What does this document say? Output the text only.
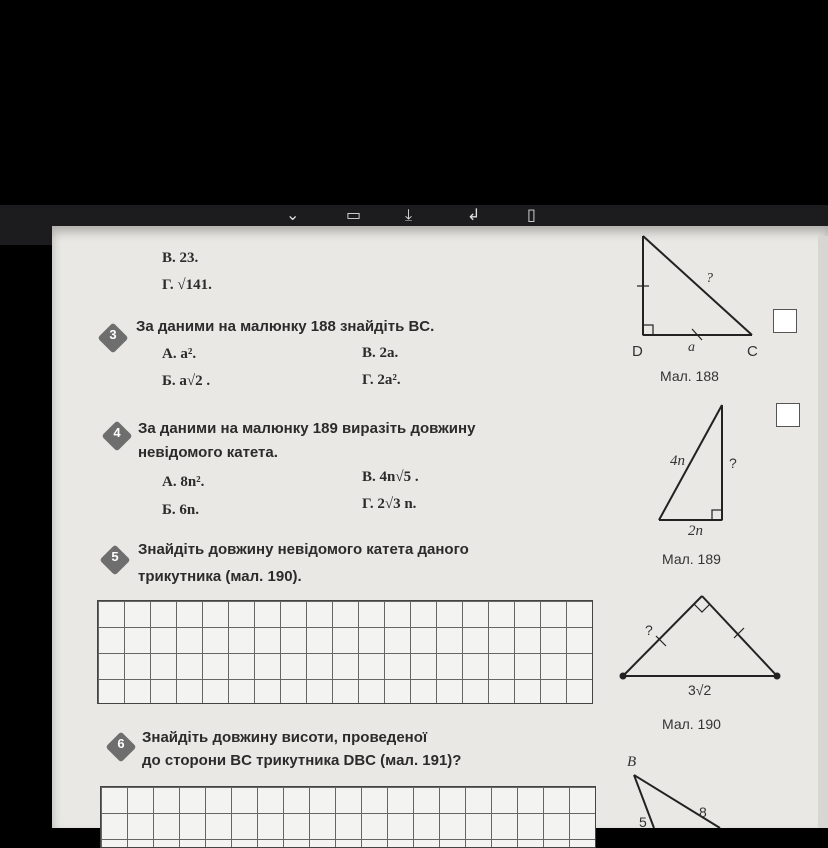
⌄	▭	⤓	↲	▯
В. 23.
Г. √141.
3	За даними на малюнку 188 знайдіть BC.
А. a².	В. 2a.
Б. a√2 .	Г. 2a².
4	За даними на малюнку 189 виразіть довжину
невідомого катета.
А. 8n².	В. 4n√5 .
Б. 6n.	Г. 2√3 n.
5	Знайдіть довжину невідомого катета даного
трикутника (мал. 190).
6	Знайдіть довжину висоти, проведеної
до сторони BC трикутника DBC (мал. 191)?
?
D	a	C
Мал. 188
4n	?
2n
Мал. 189
?
3√2
Мал. 190
B
8
5
